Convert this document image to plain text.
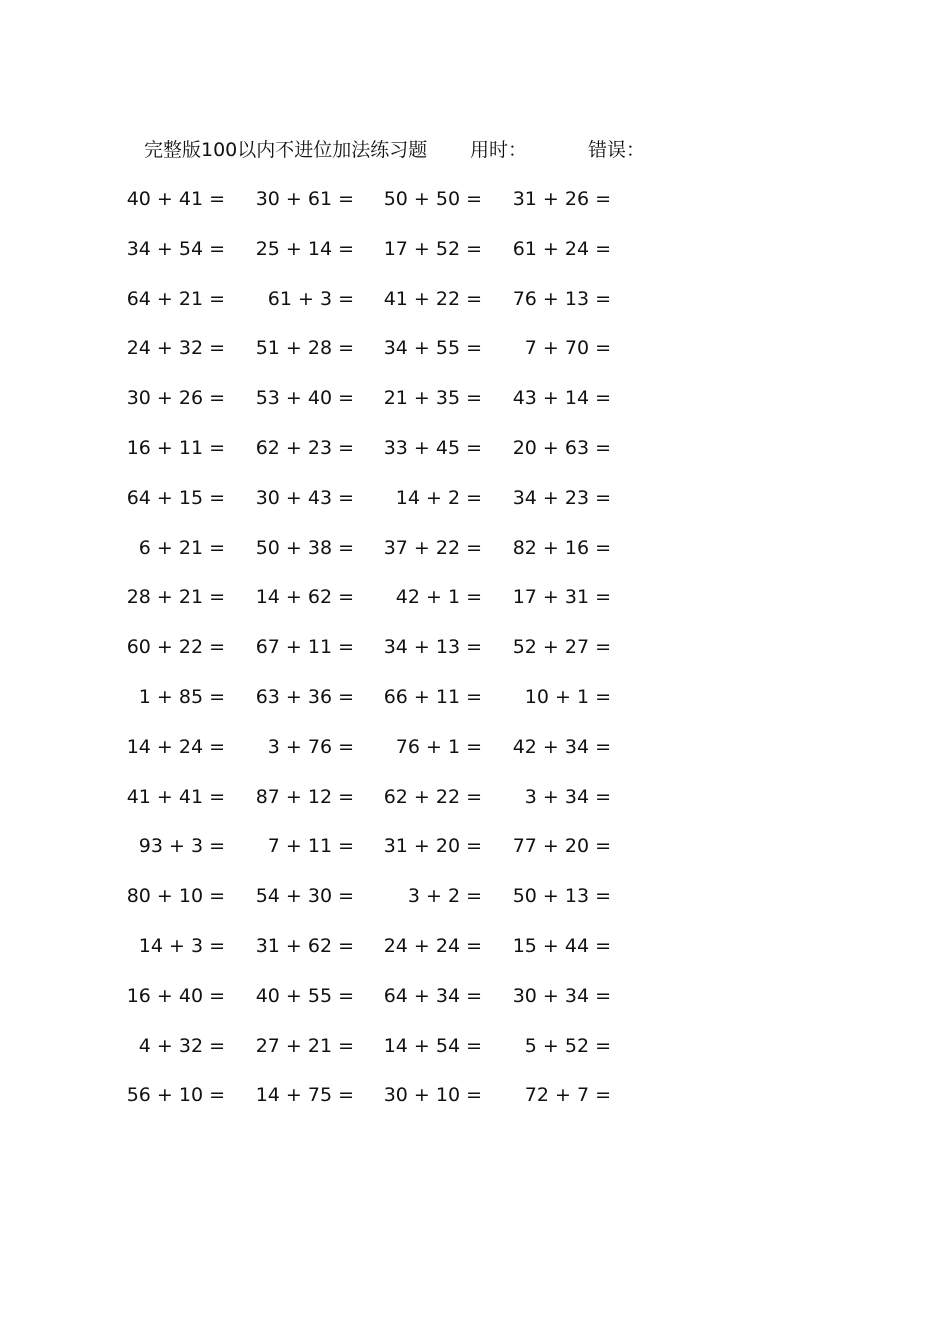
完整版100以内不进位加法练习题 用时：	错误：
40 + 41 = 30 + 61 = 50 + 50 = 31 + 26 =
34 + 54 = 25 + 14 = 17 + 52 = 61 + 24 =
64 + 21 =	61 + 3 = 41 + 22 = 76 + 13 =
24 + 32 = 51 + 28 = 34 + 55 =	7 + 70 =
30 + 26 = 53 + 40 = 21 + 35 = 43 + 14 =
16 + 11 = 62 + 23 = 33 + 45 = 20 + 63 =
64 + 15 = 30 + 43 =	14 + 2 = 34 + 23 =
6 + 21 = 50 + 38 = 37 + 22 = 82 + 16 =
28 + 21 = 14 + 62 =	42 + 1 = 17 + 31 =
60 + 22 = 67 + 11 = 34 + 13 = 52 + 27 =
1 + 85 = 63 + 36 = 66 + 11 =	10 + 1 =
14 + 24 =	3 + 76 =	76 + 1 = 42 + 34 =
41 + 41 = 87 + 12 = 62 + 22 =	3 + 34 =
93 + 3 =	7 + 11 = 31 + 20 = 77 + 20 =
80 + 10 = 54 + 30 =	3 + 2 = 50 + 13 =
14 + 3 = 31 + 62 = 24 + 24 = 15 + 44 =
16 + 40 = 40 + 55 = 64 + 34 = 30 + 34 =
4 + 32 = 27 + 21 = 14 + 54 =	5 + 52 =
56 + 10 = 14 + 75 = 30 + 10 =	72 + 7 =
